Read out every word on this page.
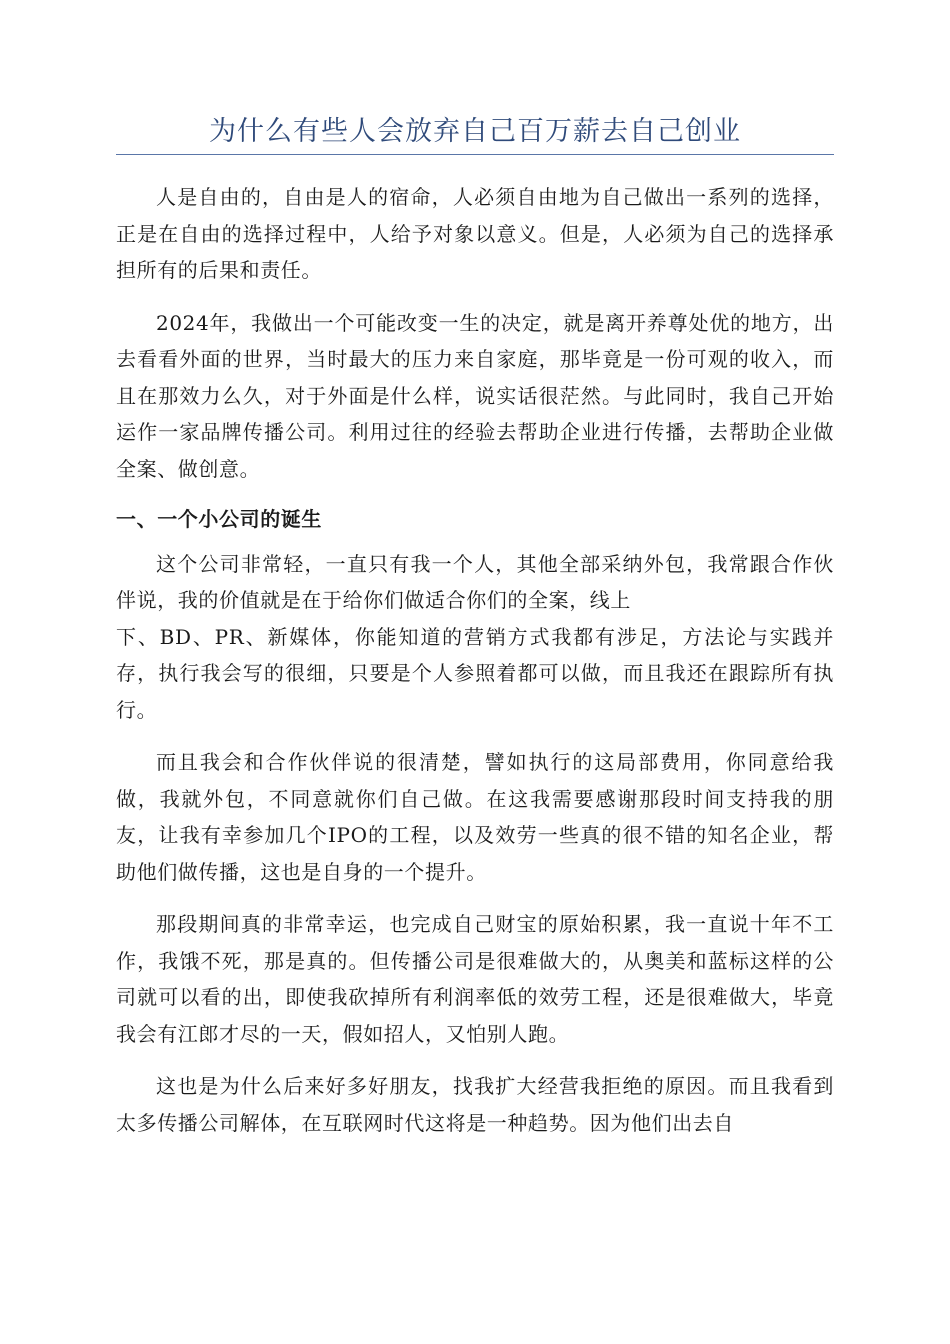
为什么有些人会放弃自己百万薪去自己创业

人是自由的，自由是人的宿命，人必须自由地为自己做出一系列的选择，正是在自由的选择过程中，人给予对象以意义。但是，人必须为自己的选择承担所有的后果和责任。

2024年，我做出一个可能改变一生的决定，就是离开养尊处优的地方，出去看看外面的世界，当时最大的压力来自家庭，那毕竟是一份可观的收入，而且在那效力么久，对于外面是什么样，说实话很茫然。与此同时，我自己开始运作一家品牌传播公司。利用过往的经验去帮助企业进行传播，去帮助企业做全案、做创意。

一、一个小公司的诞生

这个公司非常轻，一直只有我一个人，其他全部采纳外包，我常跟合作伙伴说，我的价值就是在于给你们做适合你们的全案，线上
下、BD、PR、新媒体，你能知道的营销方式我都有涉足，方法论与实践并存，执行我会写的很细，只要是个人参照着都可以做，而且我还在跟踪所有执行。

而且我会和合作伙伴说的很清楚，譬如执行的这局部费用，你同意给我做，我就外包，不同意就你们自己做。在这我需要感谢那段时间支持我的朋友，让我有幸参加几个IPO的工程，以及效劳一些真的很不错的知名企业，帮助他们做传播，这也是自身的一个提升。

那段期间真的非常幸运，也完成自己财宝的原始积累，我一直说十年不工作，我饿不死，那是真的。但传播公司是很难做大的，从奥美和蓝标这样的公司就可以看的出，即使我砍掉所有利润率低的效劳工程，还是很难做大，毕竟我会有江郎才尽的一天，假如招人，又怕别人跑。

这也是为什么后来好多好朋友，找我扩大经营我拒绝的原因。而且我看到太多传播公司解体，在互联网时代这将是一种趋势。因为他们出去自
